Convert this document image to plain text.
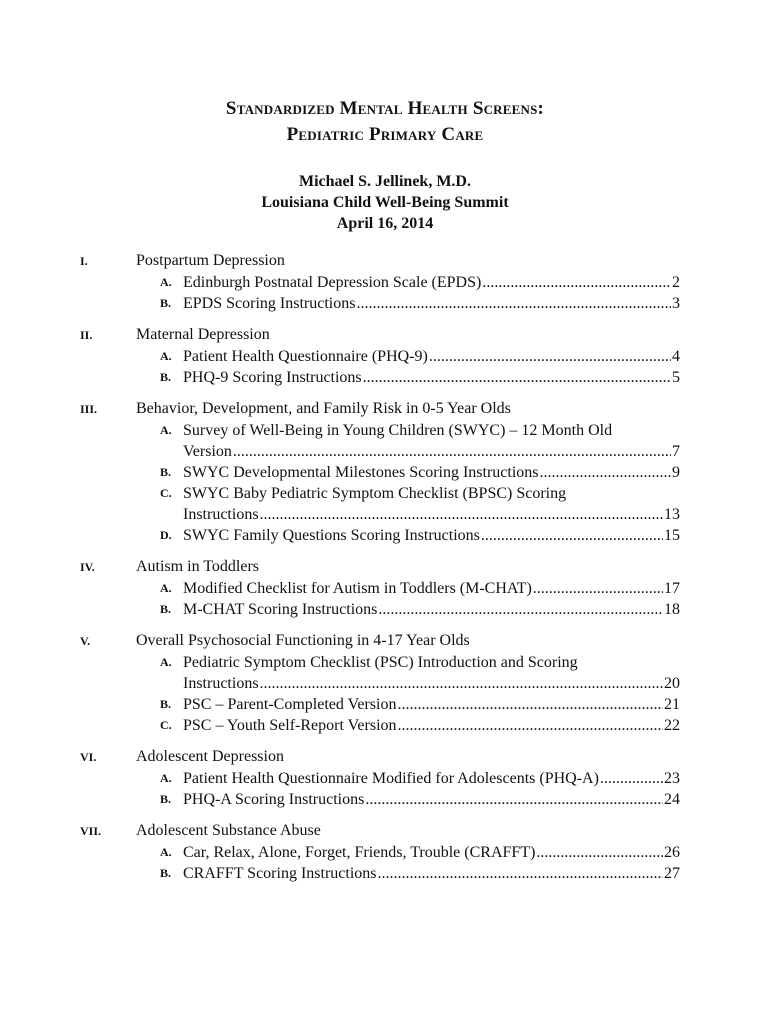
Standardized Mental Health Screens:
Pediatric Primary Care
Michael S. Jellinek, M.D.
Louisiana Child Well-Being Summit
April 16, 2014
I.	Postpartum Depression
A. Edinburgh Postnatal Depression Scale (EPDS) .....	2
B. EPDS Scoring Instructions .....	3
II.	Maternal Depression
A. Patient Health Questionnaire (PHQ-9) .....	4
B. PHQ-9 Scoring Instructions .....	5
III.	Behavior, Development, and Family Risk in 0-5 Year Olds
A. Survey of Well-Being in Young Children (SWYC) – 12 Month Old
Version .....	7
B. SWYC Developmental Milestones Scoring Instructions .....	9
C. SWYC Baby Pediatric Symptom Checklist (BPSC) Scoring
Instructions .....	13
D. SWYC Family Questions Scoring Instructions .....	15
IV.	Autism in Toddlers
A. Modified Checklist for Autism in Toddlers (M-CHAT) .....	17
B. M-CHAT Scoring Instructions .....	18
V.	Overall Psychosocial Functioning in 4-17 Year Olds
A. Pediatric Symptom Checklist (PSC) Introduction and Scoring
Instructions .....	20
B. PSC – Parent-Completed Version .....	21
C. PSC – Youth Self-Report Version .....	22
VI.	Adolescent Depression
A. Patient Health Questionnaire Modified for Adolescents (PHQ-A) .....	23
B. PHQ-A Scoring Instructions .....	24
VII.	Adolescent Substance Abuse
A. Car, Relax, Alone, Forget, Friends, Trouble (CRAFFT) .....	26
B. CRAFFT Scoring Instructions .....	27
